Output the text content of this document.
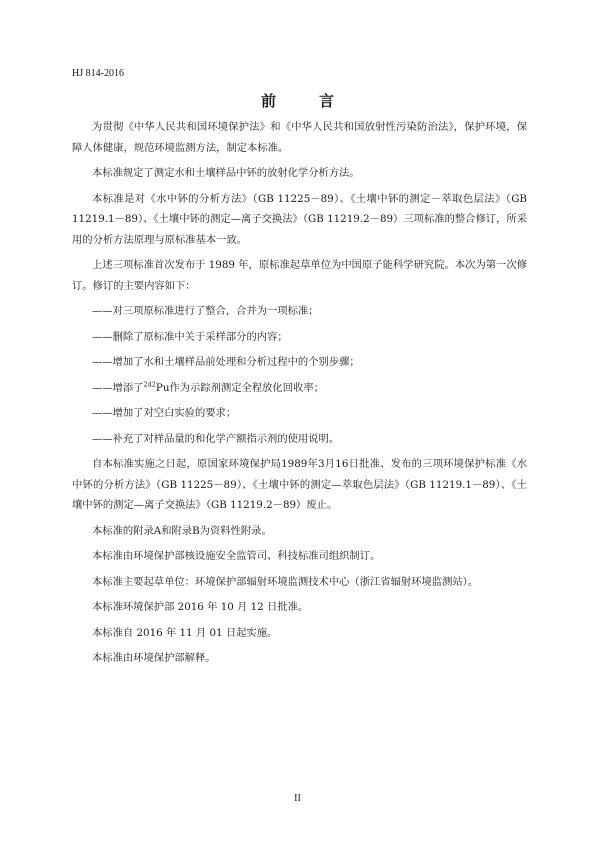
HJ 814-2016
前　言

为贯彻《中华人民共和国环境保护法》和《中华人民共和国放射性污染防治法》，保护环境，保障人体健康，规范环境监测方法，制定本标准。

本标准规定了测定水和土壤样品中钚的放射化学分析方法。

本标准是对《水中钚的分析方法》（GB 11225－89）、《土壤中钚的测定－萃取色层法》（GB 11219.1－89）、《土壤中钚的测定—离子交换法》（GB 11219.2－89）三项标准的整合修订，所采用的分析方法原理与原标准基本一致。

上述三项标准首次发布于 1989 年，原标准起草单位为中国原子能科学研究院。本次为第一次修订。修订的主要内容如下：

——对三项原标准进行了整合，合并为一项标准；

——删除了原标准中关于采样部分的内容；

——增加了水和土壤样品前处理和分析过程中的个别步骤；

——增添了$^{242}$Pu作为示踪剂测定全程放化回收率；

——增加了对空白实验的要求；

——补充了对样品量的和化学产额指示剂的使用说明。

自本标准实施之日起，原国家环境保护局1989年3月16日批准、发布的三项环境保护标准《水中钚的分析方法》（GB 11225－89）、《土壤中钚的测定—萃取色层法》（GB 11219.1－89）、《土壤中钚的测定—离子交换法》（GB 11219.2－89）废止。

本标准的附录A和附录B为资料性附录。

本标准由环境保护部核设施安全监管司、科技标准司组织制订。

本标准主要起草单位：环境保护部辐射环境监测技术中心（浙江省辐射环境监测站）。

本标准环境保护部 2016 年 10 月 12 日批准。

本标准自 2016 年 11 月 01 日起实施。

本标准由环境保护部解释。

II
